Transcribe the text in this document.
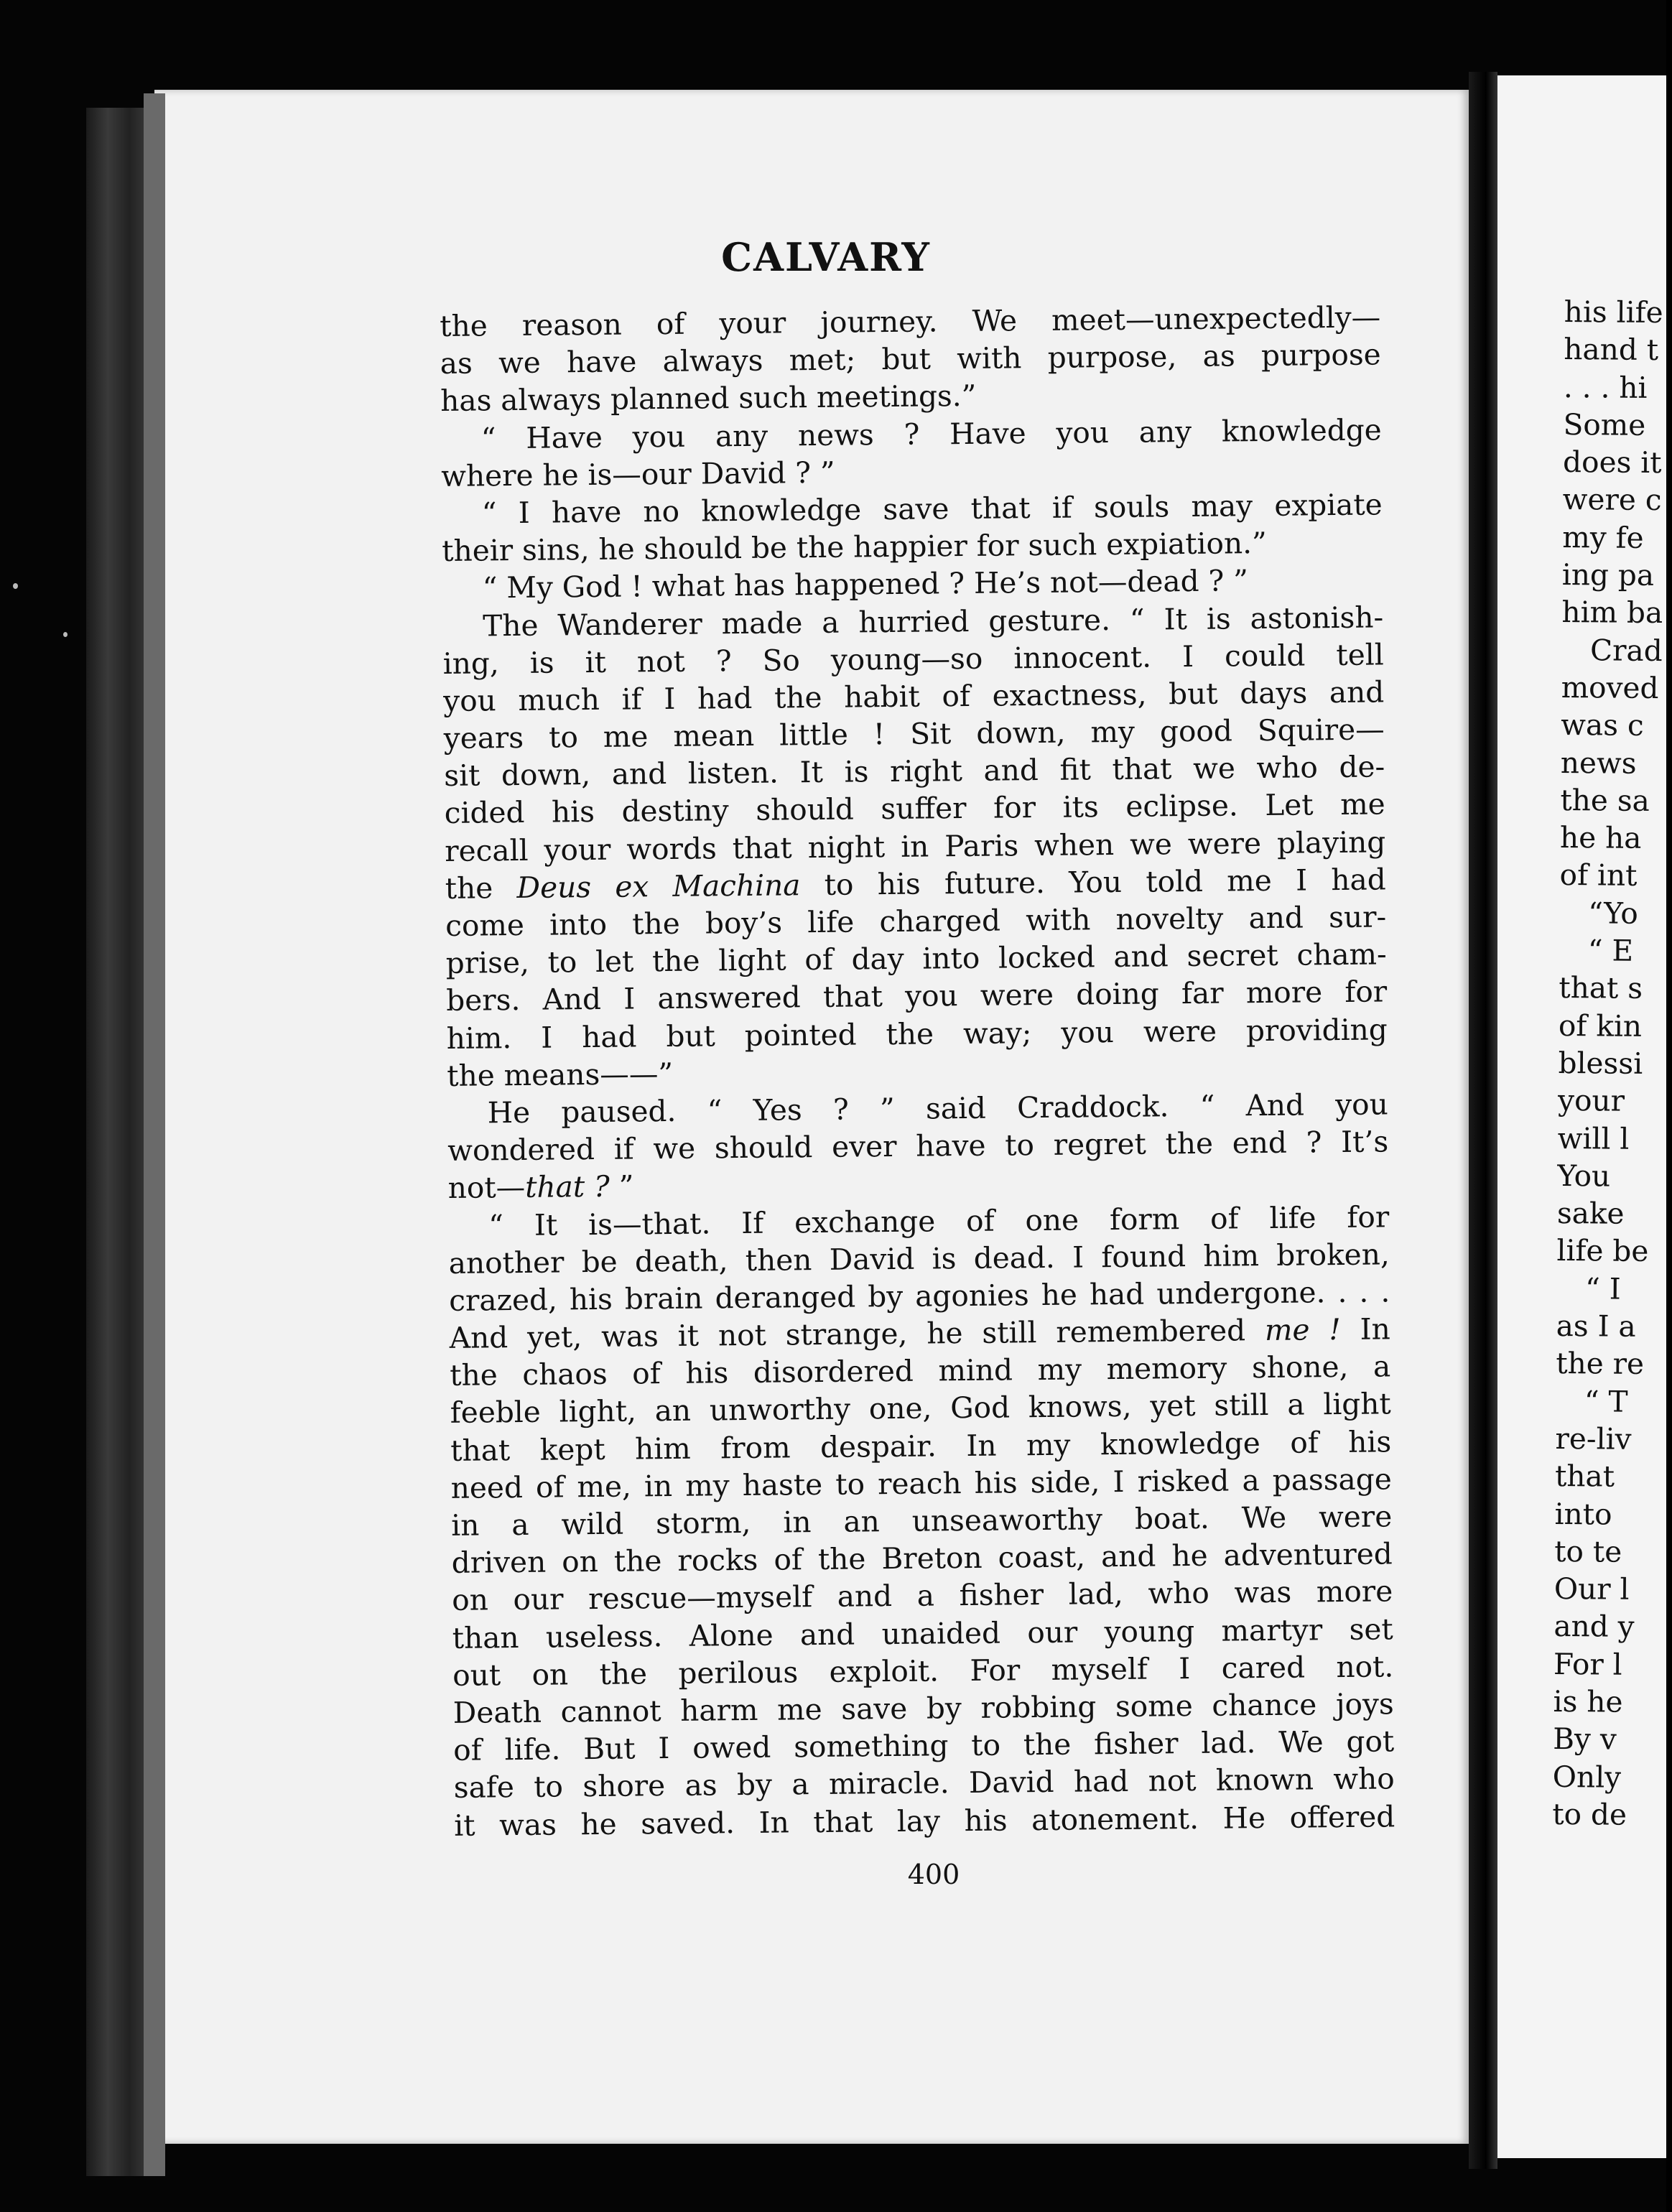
CALVARY
the reason of your journey. We meet—unexpectedly—
as we have always met; but with purpose, as purpose
has always planned such meetings.”
“ Have you any news ? Have you any knowledge
where he is—our David ? ”
“ I have no knowledge save that if souls may expiate
their sins, he should be the happier for such expiation.”
“ My God ! what has happened ? He’s not—dead ? ”
The Wanderer made a hurried gesture. “ It is astonish-
ing, is it not ? So young—so innocent. I could tell
you much if I had the habit of exactness, but days and
years to me mean little ! Sit down, my good Squire—
sit down, and listen. It is right and fit that we who de-
cided his destiny should suffer for its eclipse. Let me
recall your words that night in Paris when we were playing
the Deus ex Machina to his future. You told me I had
come into the boy’s life charged with novelty and sur-
prise, to let the light of day into locked and secret cham-
bers. And I answered that you were doing far more for
him. I had but pointed the way; you were providing
the means——”
He paused. “ Yes ? ” said Craddock. “ And you
wondered if we should ever have to regret the end ? It’s
not—that ? ”
“ It is—that. If exchange of one form of life for
another be death, then David is dead. I found him broken,
crazed, his brain deranged by agonies he had undergone. . . .
And yet, was it not strange, he still remembered me ! In
the chaos of his disordered mind my memory shone, a
feeble light, an unworthy one, God knows, yet still a light
that kept him from despair. In my knowledge of his
need of me, in my haste to reach his side, I risked a passage
in a wild storm, in an unseaworthy boat. We were
driven on the rocks of the Breton coast, and he adventured
on our rescue—myself and a fisher lad, who was more
than useless. Alone and unaided our young martyr set
out on the perilous exploit. For myself I cared not.
Death cannot harm me save by robbing some chance joys
of life. But I owed something to the fisher lad. We got
safe to shore as by a miracle. David had not known who
it was he saved. In that lay his atonement. He offered
400
his life
hand t
. . . hi
Some
does it
were c
my fe
ing pa
him ba
Crad
moved
was c
news
the sa
he ha
of int
“Yo
“ E
that s
of kin
blessi
your
will l
You
sake
life be
“ I
as I a
the re
“ T
re-liv
that
into
to te
Our l
and y
For l
is he
By v
Only
to de
